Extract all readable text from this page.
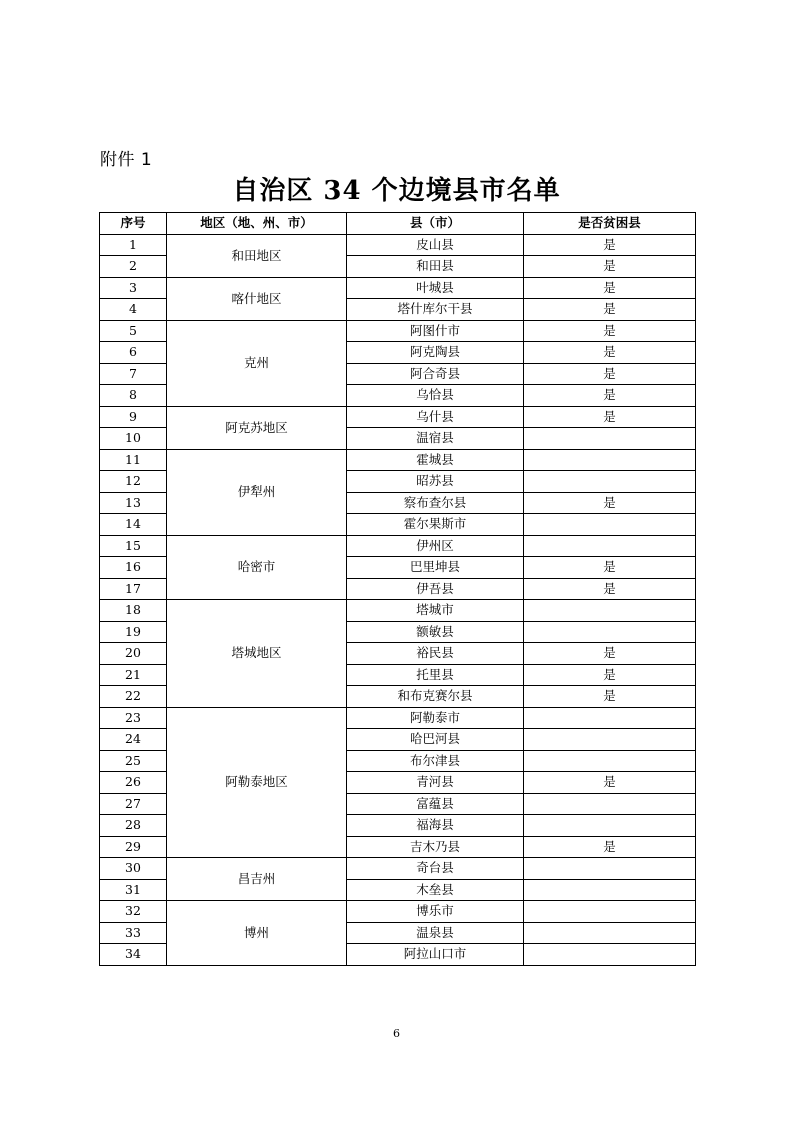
附件 1
自治区 34 个边境县市名单
序号	地区（地、州、市）	县（市）	是否贫困县
1	和田地区	皮山县	是
2		和田县	是
3	喀什地区	叶城县	是
4		塔什库尔干县	是
5	克州	阿图什市	是
6		阿克陶县	是
7		阿合奇县	是
8		乌恰县	是
9	阿克苏地区	乌什县	是
10		温宿县	
11	伊犁州	霍城县	
12		昭苏县	
13		察布查尔县	是
14		霍尔果斯市	
15	哈密市	伊州区	
16		巴里坤县	是
17		伊吾县	是
18	塔城地区	塔城市	
19		额敏县	
20		裕民县	是
21		托里县	是
22		和布克赛尔县	是
23	阿勒泰地区	阿勒泰市	
24		哈巴河县	
25		布尔津县	
26		青河县	是
27		富蕴县	
28		福海县	
29		吉木乃县	是
30	昌吉州	奇台县	
31		木垒县	
32	博州	博乐市	
33		温泉县	
34		阿拉山口市	
6
